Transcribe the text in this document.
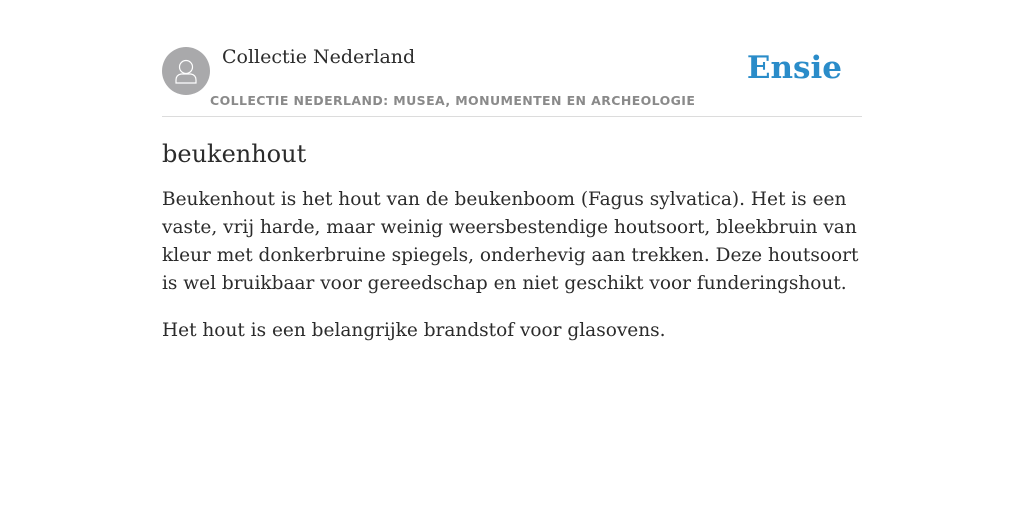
Collectie Nederland
COLLECTIE NEDERLAND: MUSEA, MONUMENTEN EN ARCHEOLOGIE
Ensie
beukenhout

Beukenhout is het hout van de beukenboom (Fagus sylvatica). Het is een vaste, vrij harde, maar weinig weersbestendige houtsoort, bleekbruin van kleur met donkerbruine spiegels, onderhevig aan trekken. Deze houtsoort is wel bruikbaar voor gereedschap en niet geschikt voor funderingshout.

Het hout is een belangrijke brandstof voor glasovens.
